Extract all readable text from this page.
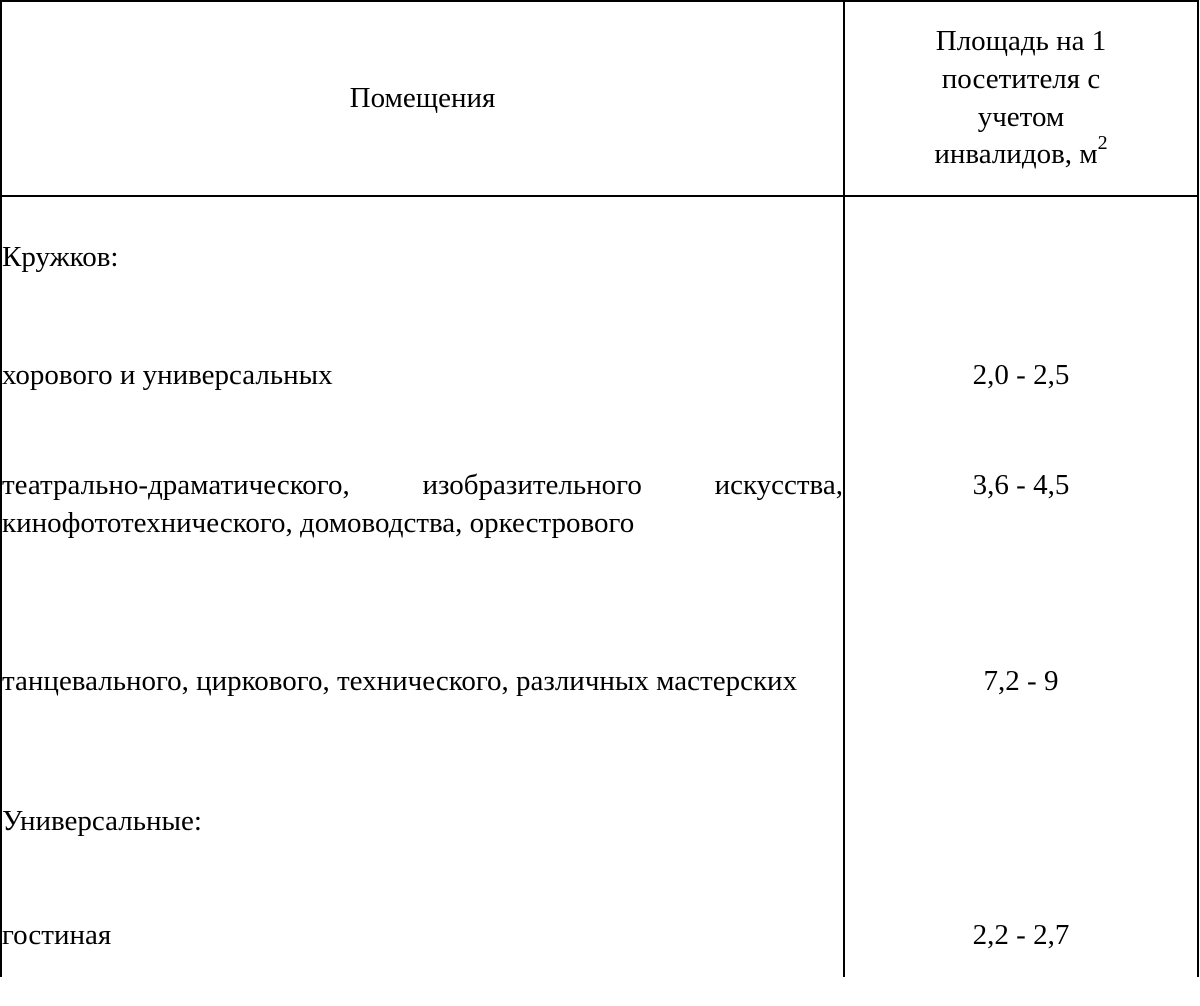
Помещения	Площадь на 1
посетителя с учетом
инвалидов, $м^2$
Кружков:	
хорового и универсальных	2,0 - 2,5
театрально-драматического, изобразительного искусства, кинофототехнического, домоводства, оркестрового	3,6 - 4,5
танцевального, циркового, технического, различных мастерских	7,2 - 9
Универсальные:	
гостиная	2,2 - 2,7
